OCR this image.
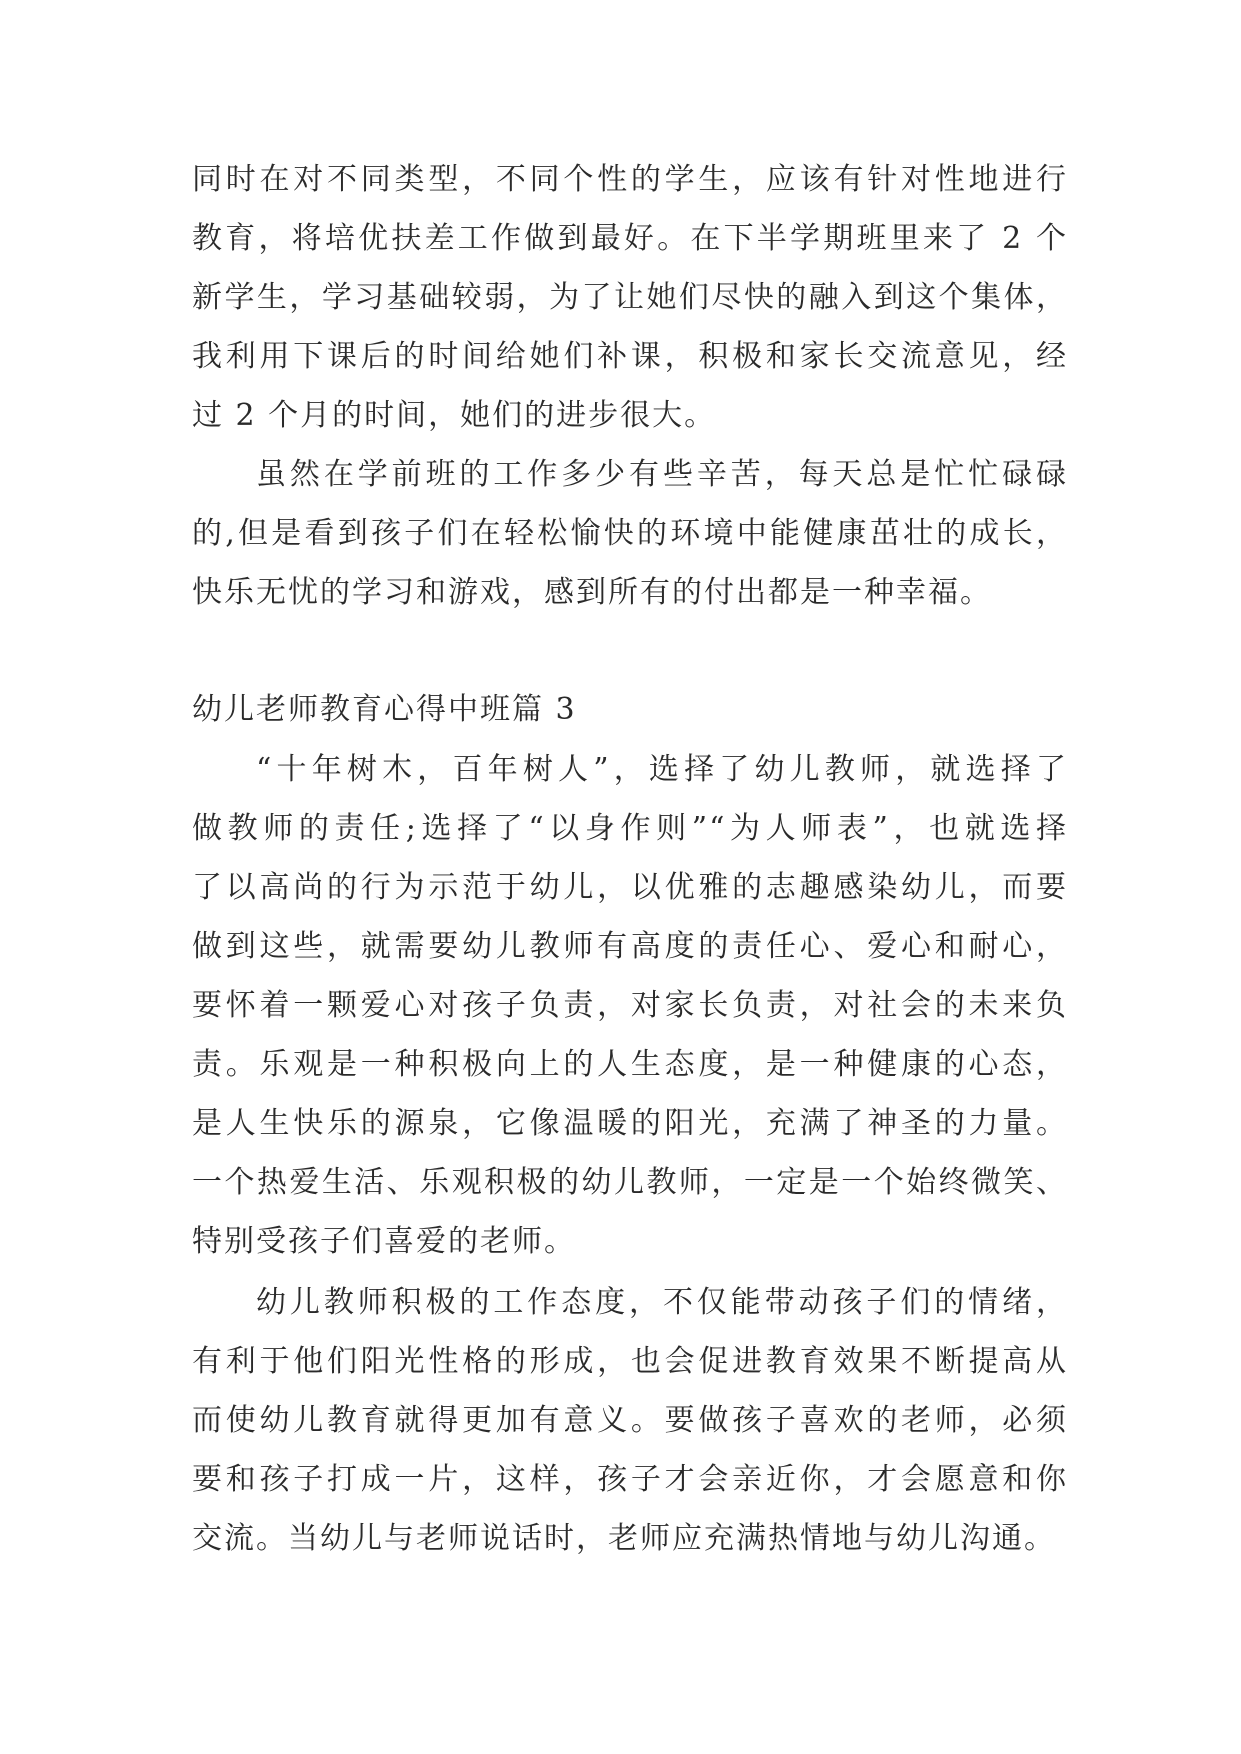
同时在对不同类型，不同个性的学生，应该有针对性地进行
教育，将培优扶差工作做到最好。在下半学期班里来了 2 个
新学生，学习基础较弱，为了让她们尽快的融入到这个集体，
我利用下课后的时间给她们补课，积极和家长交流意见，经
过 2 个月的时间，她们的进步很大。
虽然在学前班的工作多少有些辛苦，每天总是忙忙碌碌
的,但是看到孩子们在轻松愉快的环境中能健康茁壮的成长，
快乐无忧的学习和游戏，感到所有的付出都是一种幸福。
幼儿老师教育心得中班篇 3
“十年树木，百年树人”，选择了幼儿教师，就选择了
做教师的责任;选择了“以身作则”“为人师表”，也就选择
了以高尚的行为示范于幼儿，以优雅的志趣感染幼儿，而要
做到这些，就需要幼儿教师有高度的责任心、爱心和耐心，
要怀着一颗爱心对孩子负责，对家长负责，对社会的未来负
责。乐观是一种积极向上的人生态度，是一种健康的心态，
是人生快乐的源泉，它像温暖的阳光，充满了神圣的力量。
一个热爱生活、乐观积极的幼儿教师，一定是一个始终微笑、
特别受孩子们喜爱的老师。
幼儿教师积极的工作态度，不仅能带动孩子们的情绪，
有利于他们阳光性格的形成，也会促进教育效果不断提高从
而使幼儿教育就得更加有意义。要做孩子喜欢的老师，必须
要和孩子打成一片，这样，孩子才会亲近你，才会愿意和你
交流。当幼儿与老师说话时，老师应充满热情地与幼儿沟通。
